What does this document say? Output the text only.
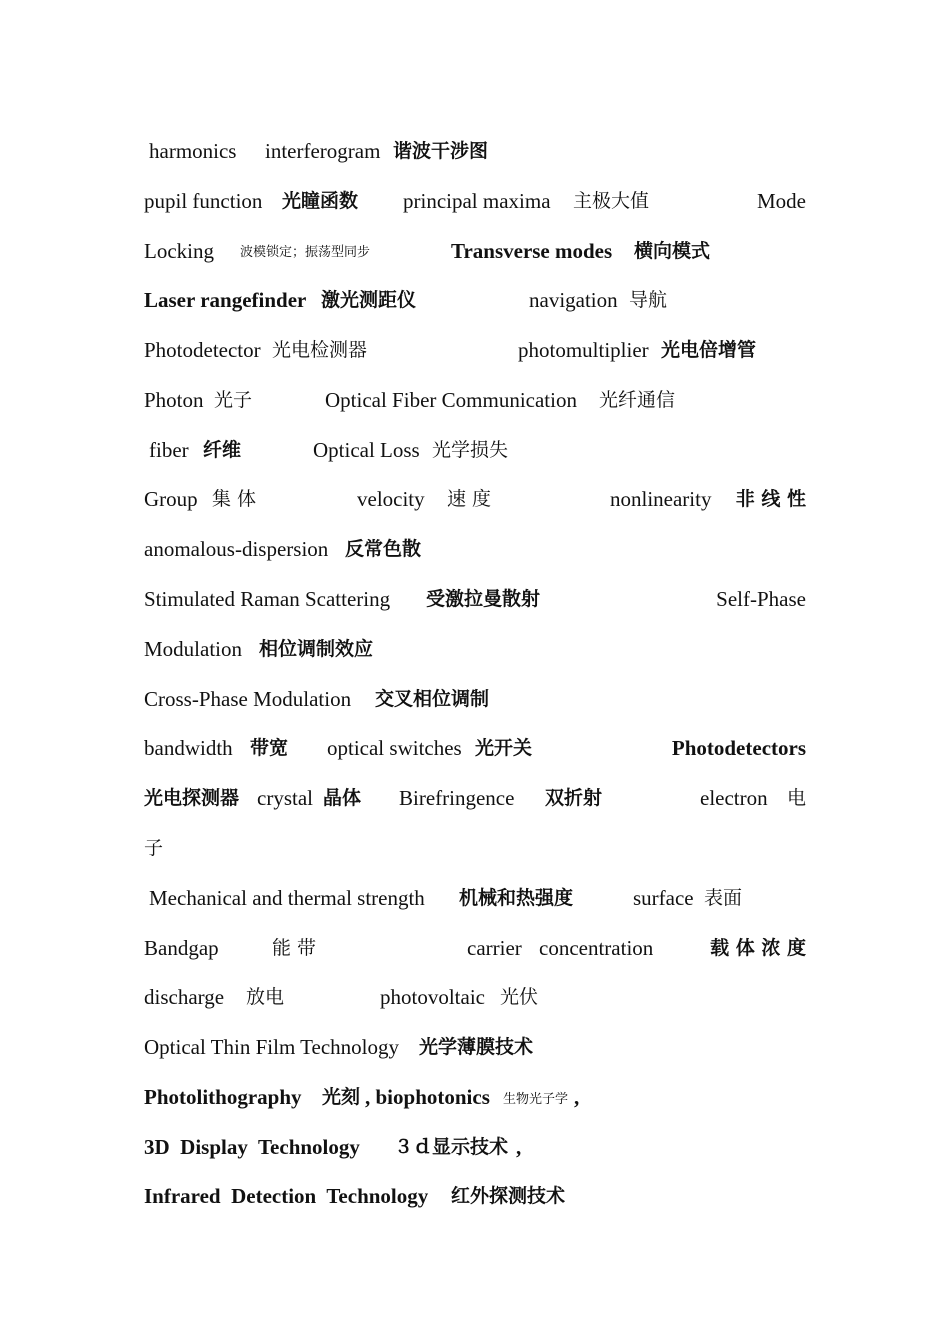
harmonics interferogram 谐波干涉图
pupil function 光瞳函数 principal maxima 主极大值	Mode
Locking 波模锁定；振荡型同步	Transverse modes 横向模式
Laser rangefinder 激光测距仪	navigation 导航
Photodetector 光电检测器	photomultiplier 光电倍增管
Photon 光子	Optical Fiber Communication 光纤通信
fiber 纤维	Optical Loss 光学损失
Group 集 体	velocity 速 度	nonlinearity 非 线 性
anomalous-dispersion 反常色散
Stimulated Raman Scattering 受激拉曼散射	Self-Phase
Modulation 相位调制效应
Cross-Phase Modulation 交叉相位调制
bandwidth 带宽 optical switches 光开关	Photodetectors
光电探测器 crystal 晶体 Birefringence 双折射	electron 电
子
Mechanical and thermal strength 机械和热强度	surface 表面
Bandgap	能 带	carrier concentration	载 体 浓 度
discharge 放电	photovoltaic 光伏
Optical Thin Film Technology 光学薄膜技术
Photolithography 光刻 , biophotonics 生物光子学 ,
3D  Display  Technology ３ｄ显示技术 ,
Infrared  Detection  Technology 红外探测技术
